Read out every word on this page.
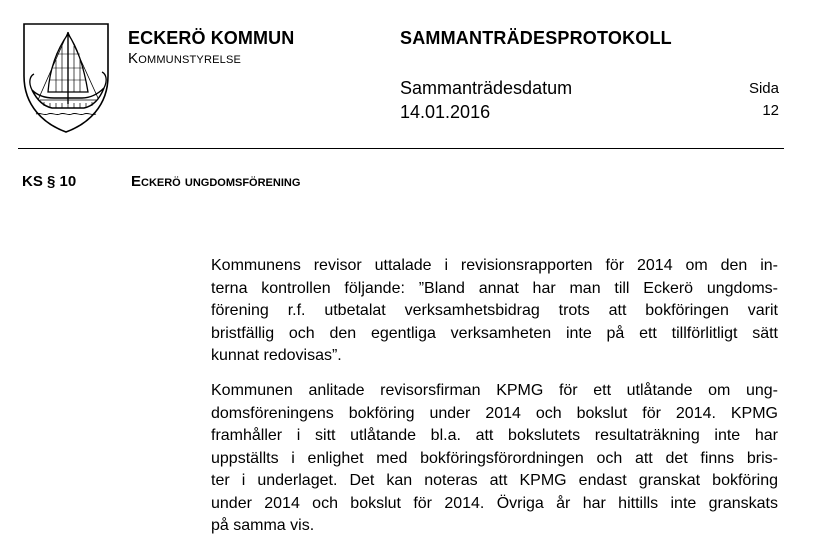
ECKERÖ KOMMUN
Kommunstyrelse
SAMMANTRÄDESPROTOKOLL
Sammanträdesdatum
14.01.2016
Sida
12
KS § 10	Eckerö ungdomsförening

Kommunens revisor uttalade i revisionsrapporten för 2014 om den in-
terna kontrollen följande: ”Bland annat har man till Eckerö ungdoms-
förening r.f. utbetalat verksamhetsbidrag trots att bokföringen varit
bristfällig och den egentliga verksamheten inte på ett tillförlitligt sätt
kunnat redovisas”.

Kommunen anlitade revisorsfirman KPMG för ett utlåtande om ung-
domsföreningens bokföring under 2014 och bokslut för 2014. KPMG
framhåller i sitt utlåtande bl.a. att bokslutets resultaträkning inte har
uppställts i enlighet med bokföringsförordningen och att det finns bris-
ter i underlaget. Det kan noteras att KPMG endast granskat bokföring
under 2014 och bokslut för 2014. Övriga år har hittills inte granskats
på samma vis.
